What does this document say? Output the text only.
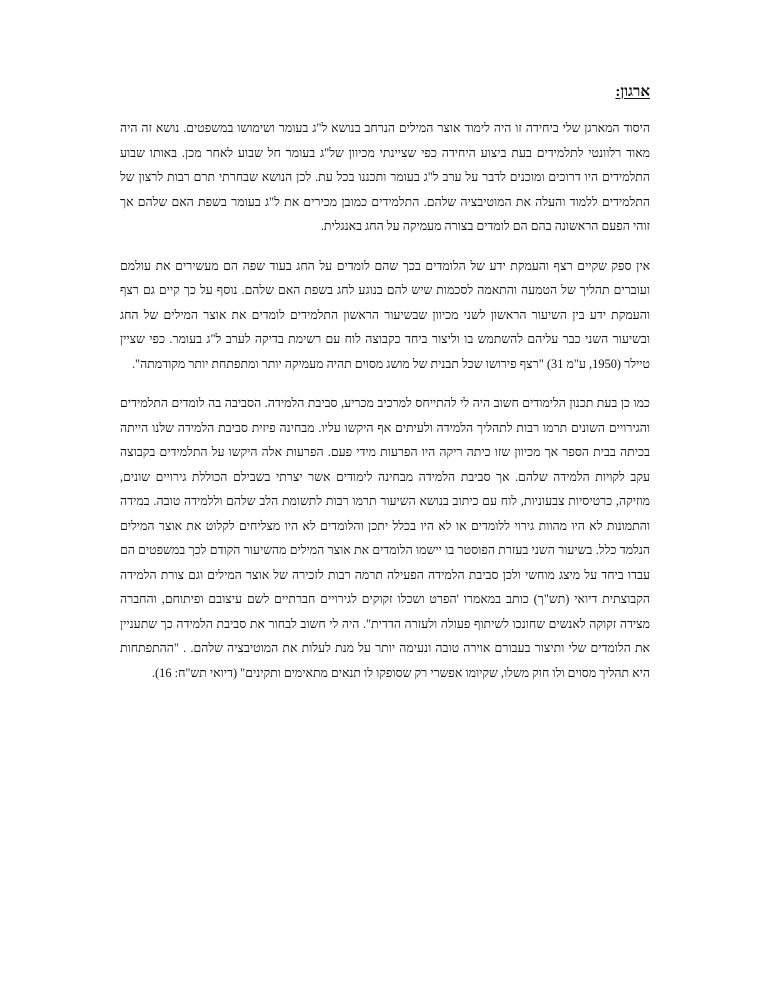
ארגון:

היסוד המארגן שלי ביחידה זו היה לימוד אוצר המילים הנרחב בנושא ל"ג בעומר ושימושו במשפטים. נושא זה היה מאוד רלוונטי לתלמידים בעת ביצוע היחידה כפי שציינתי מכיוון של"ג בעומר חל שבוע לאחר מכן. באותו שבוע התלמידים היו דרוכים ומוכנים לדבר על ערב ל"ג בעומר ותכננו בכל עת. לכן הנושא שבחרתי תרם רבות לרצון של התלמידים ללמוד והעלה את המוטיבציה שלהם. התלמידים כמובן מכירים את ל"ג בעומר בשפת האם שלהם אך זוהי הפעם הראשונה בהם הם לומדים בצורה מעמיקה על החג באנגלית.

אין ספק שקיים רצף והעמקת ידע של הלומדים בכך שהם לומדים על החג בעוד שפה הם מעשירים את עולמם ועוברים תהליך של הטמעה והתאמה לסכמות שיש להם בנוגע לחג בשפת האם שלהם. נוסף על כך קיים גם רצף והעמקת ידע בין השיעור הראשון לשני מכיוון שבשיעור הראשון התלמידים לומדים את אוצר המילים של החג ובשיעור השני כבר עליהם להשתמש בו וליצור ביחד כקבוצה לוח עם רשימת בדיקה לערב ל"ג בעומר. כפי שציין טיילר (1950, ע"מ 31) "רצף פירושו שכל תבנית של מושג מסוים תהיה מעמיקה יותר ומתפתחת יותר מקודמתה".

כמו כן בעת תכנון הלימודים חשוב היה לי להתייחס למרכיב מכריע, סביבת הלמידה. הסביבה בה לומדים התלמידים והגירויים השונים תרמו רבות לתהליך הלמידה ולעיתים אף היקשו עליו. מבחינה פיזית סביבת הלמידה שלנו הייתה בכיתה בבית הספר אך מכיוון שזו כיתה ריקה היו הפרעות מידי פעם. הפרעות אלה היקשו על התלמידים בקבוצה עקב לקויות הלמידה שלהם. אך סביבת הלמידה מבחינה לימודים אשר יצרתי בשבילם הכוללת גירויים שונים, מוזיקה, כרטיסיות צבעוניות, לוח עם כיתוב בנושא השיעור תרמו רבות לתשומת הלב שלהם וללמידה טובה. במידה והתמונות לא היו מהוות גירוי ללומדים או לא היו בכלל יתכן והלומדים לא היו מצליחים לקלוט את אוצר המילים הנלמד כלל. בשיעור השני בעזרת הפוסטר בו יישמו הלומדים את אוצר המילים מהשיעור הקודם לכך במשפטים הם עבדו ביחד על מיצג מוחשי ולכן סביבת הלמידה הפעילה תרמה רבות לזכירה של אוצר המילים וגם צורת הלמידה הקבוצתית דיואי (תש"ך) כותב במאמרו 'הפרט ושכלו זקוקים לגירויים חברתיים לשם עיצובם ופיתוחם, והחברה מצידה זקוקה לאנשים שחונכו לשיתוף פעולה ולעזרה הדדית". היה לי חשוב לבחור את סביבת הלמידה כך שתעניין את הלומדים שלי ותיצור בעבורם אוירה טובה ונעימה יותר על מנת לעלות את המוטיבציה שלהם. . "ההתפתחות היא תהליך מסוים ולו חוק משלו, שקיומו אפשרי רק שסופקו לו תנאים מתאימים ותקינים" (דיואי תש"ח: 16).
